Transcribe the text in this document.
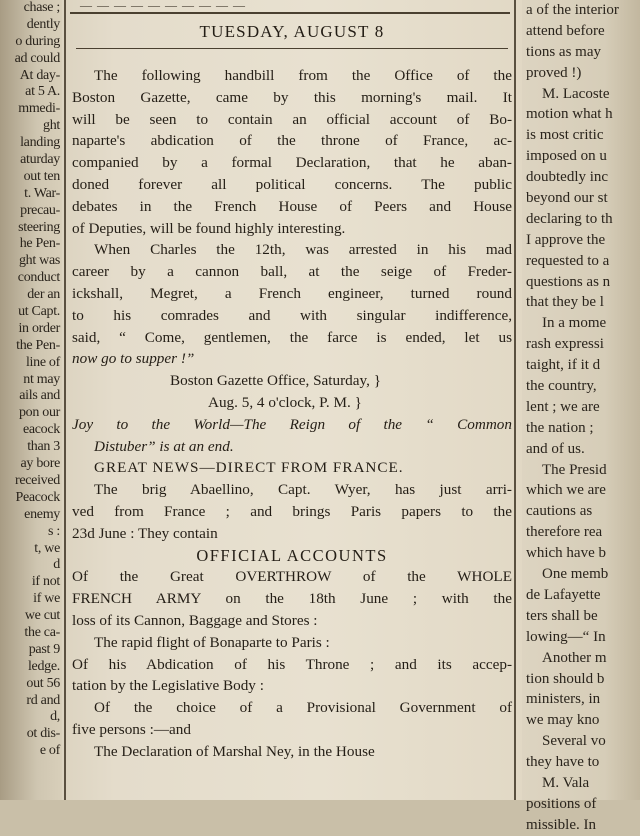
chase ;
dently
o during
ad could
At day-
at 5 A.
mmedi-
ght
landing
aturday
out ten
t. War-
precau-
steering
he Pen-
ght was
conduct
der an
ut Capt.
in order
the Pen-
line of
nt may
ails and
pon our
eacock
than 3
ay bore
received
Peacock
enemy
s :
t, we
d
if not
if we
we cut
the ca-
past 9
ledge.
out 56
rd and
d,
ot dis-
e of
— — — — — — — — — —
TUESDAY, AUGUST 8
The following handbill from the Office of the
Boston Gazette, came by this morning's mail. It
will be seen to contain an official account of Bo-
naparte's abdication of the throne of France, ac-
companied by a formal Declaration, that he aban-
doned forever all political concerns. The public
debates in the French House of Peers and House
of Deputies, will be found highly interesting.
When Charles the 12th, was arrested in his mad
career by a cannon ball, at the seige of Freder-
ickshall, Megret, a French engineer, turned round
to his comrades and with singular indifference,
said, “ Come, gentlemen, the farce is ended, let us
now go to supper !”
Boston Gazette Office, Saturday, }
Aug. 5, 4 o'clock, P. M. }
Joy to the World—The Reign of the “ Common
Distuber” is at an end.
GREAT NEWS—DIRECT FROM FRANCE.
The brig Abaellino, Capt. Wyer, has just arri-
ved from France ; and brings Paris papers to the
23d June : They contain
OFFICIAL ACCOUNTS
Of the Great OVERTHROW of the WHOLE
FRENCH ARMY on the 18th June ; with the
loss of its Cannon, Baggage and Stores :
The rapid flight of Bonaparte to Paris :
Of his Abdication of his Throne ; and its accep-
tation by the Legislative Body :
Of the choice of a Provisional Government of
five persons :—and
The Declaration of Marshal Ney, in the House
a of the interior
attend before
tions as may
proved !)
M. Lacoste
motion what h
is most critic
imposed on u
doubtedly inc
beyond our st
declaring to th
I approve the
requested to a
questions as n
that they be l
In a mome
rash expressi
taight, if it d
the country,
lent ; we are
the nation ;
and of us.
The Presid
which we are
cautions as
therefore rea
which have b
One memb
de Lafayette
ters shall be
lowing—“ In
Another m
tion should b
ministers, in
we may kno
Several vo
they have to
M. Vala
positions of
missible. In
